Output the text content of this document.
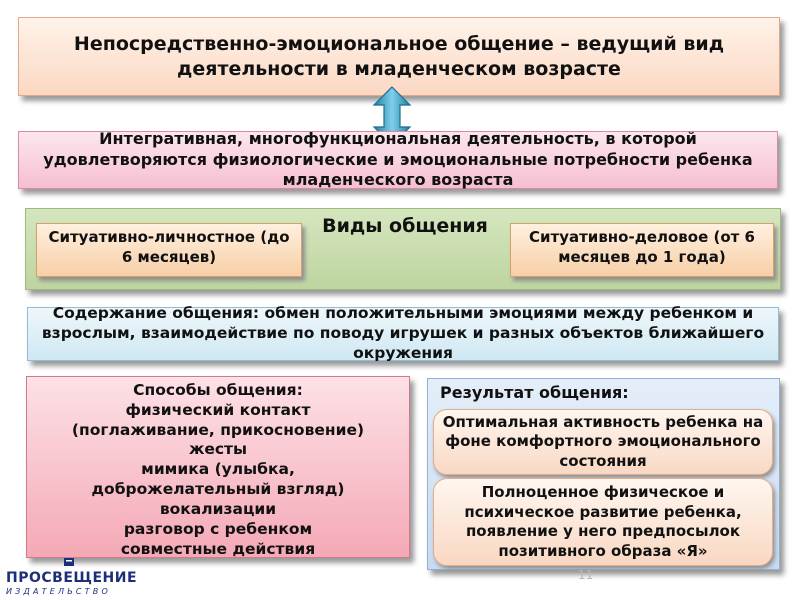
Непосредственно-эмоциональное общение – ведущий вид деятельности в младенческом возрасте
Интегративная, многофункциональная деятельность, в которой удовлетворяются физиологические и эмоциональные потребности ребенка младенческого возраста
Виды общения
Ситуативно-личностное (до 6 месяцев)
Ситуативно-деловое (от 6 месяцев до 1 года)
Содержание общения: обмен положительными эмоциями между ребенком и взрослым, взаимодействие по поводу игрушек и разных объектов ближайшего окружения
Способы общения:
физический контакт
(поглаживание, прикосновение)
жесты
мимика (улыбка,
доброжелательный взгляд)
вокализации
разговор с ребенком
совместные действия
Результат общения:
Оптимальная активность ребенка на фоне комфортного эмоционального состояния
Полноценное физическое и психическое развитие ребенка, появление у него предпосылок позитивного образа «Я»
ПРОСВЕЩЕНИЕ
ИЗДАТЕЛЬСТВО
11
